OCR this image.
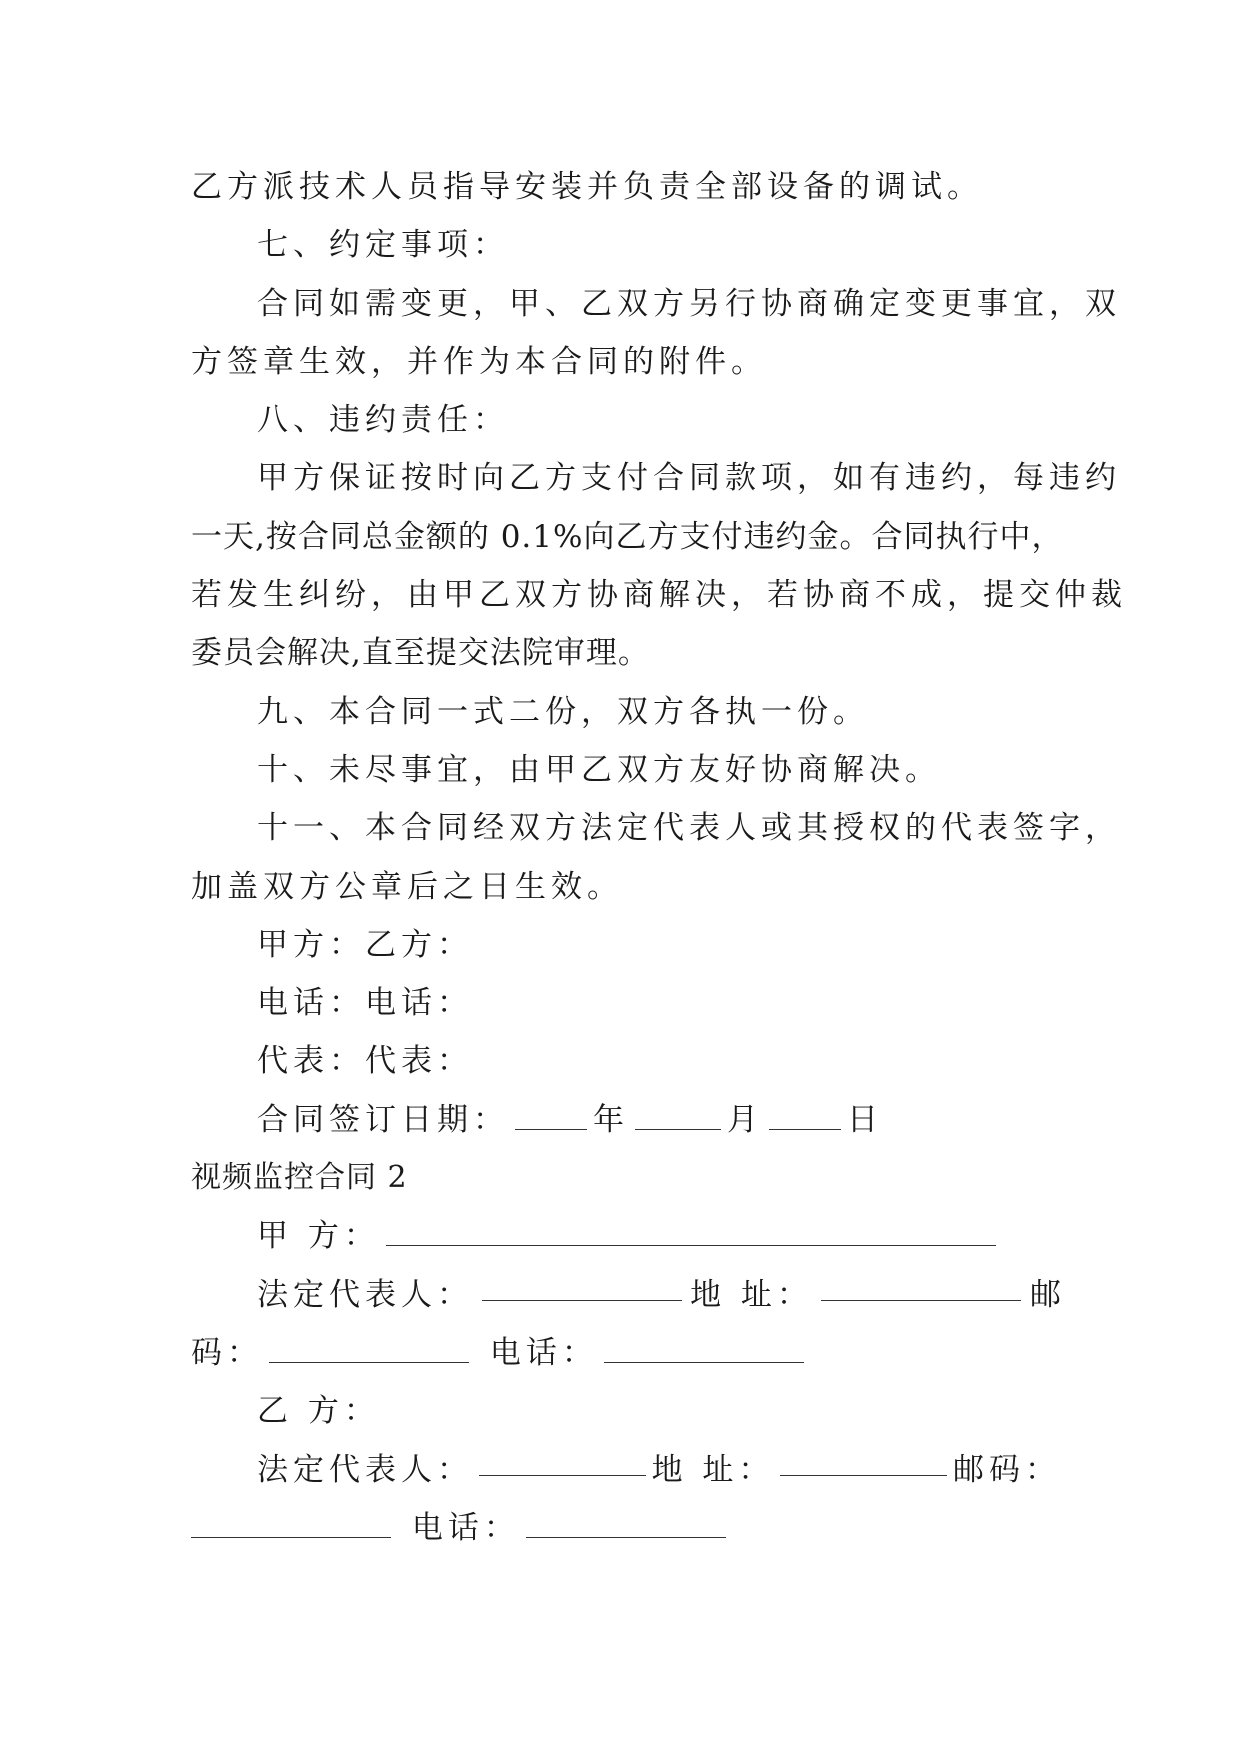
乙方派技术人员指导安装并负责全部设备的调试。
七、约定事项：
合同如需变更，甲、乙双方另行协商确定变更事宜，双
方签章生效，并作为本合同的附件。
八、违约责任：
甲方保证按时向乙方支付合同款项，如有违约，每违约
一天,按合同总金额的 0.1%向乙方支付违约金。合同执行中，
若发生纠纷，由甲乙双方协商解决，若协商不成，提交仲裁
委员会解决,直至提交法院审理。
九、本合同一式二份，双方各执一份。
十、未尽事宜，由甲乙双方友好协商解决。
十一、本合同经双方法定代表人或其授权的代表签字，
加盖双方公章后之日生效。
甲方：乙方：
电话：电话：
代表：代表：
合同签订日期：	年	月	日
视频监控合同 2
甲 方：
法定代表人：	地 址：	邮
码：	电话：
乙 方：
法定代表人：	地 址：	邮码：
电话：
